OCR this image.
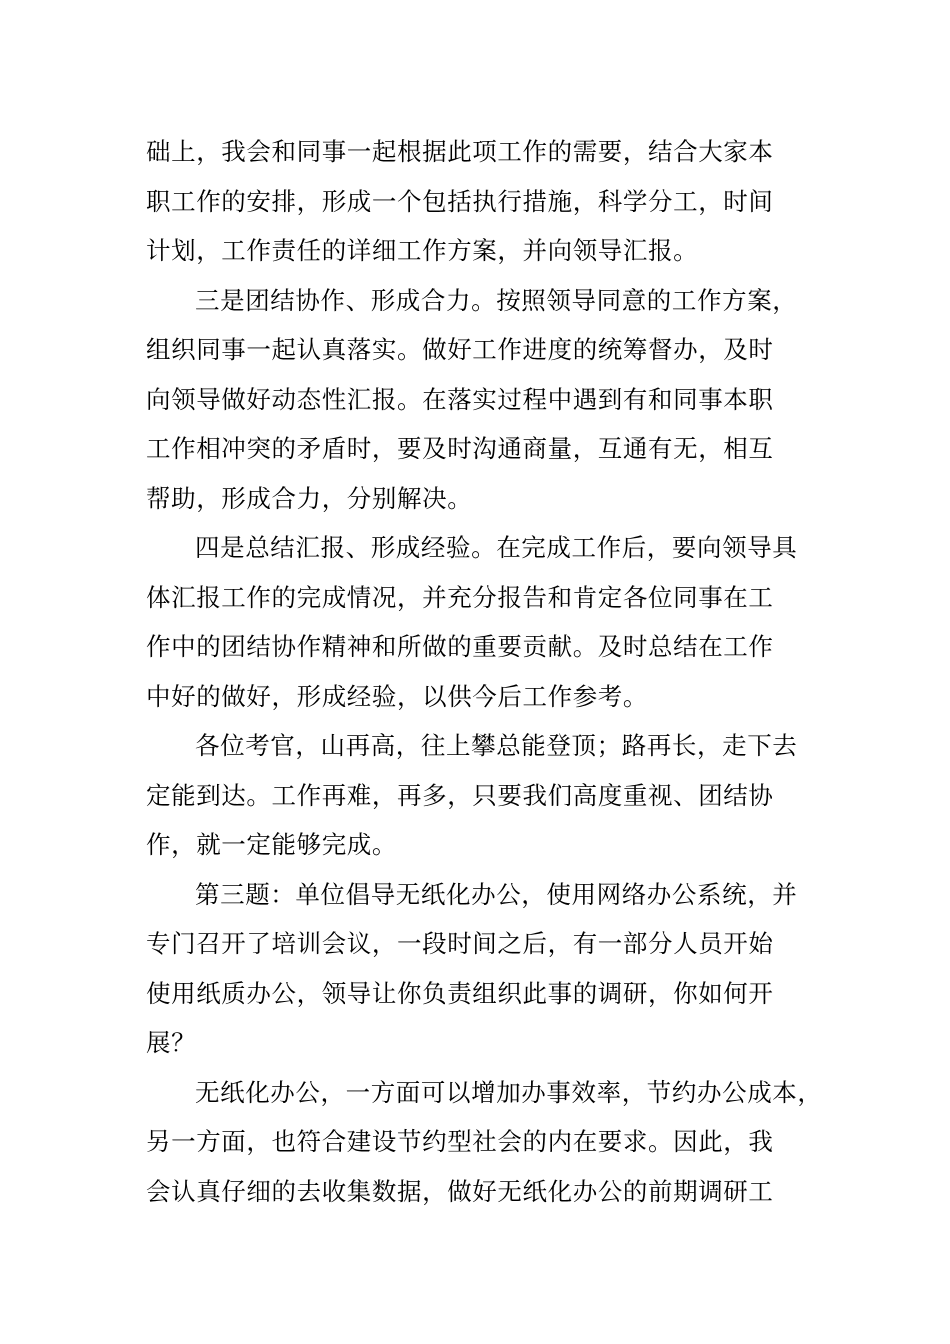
础上，我会和同事一起根据此项工作的需要，结合大家本
职工作的安排，形成一个包括执行措施，科学分工，时间
计划，工作责任的详细工作方案，并向领导汇报。
三是团结协作、形成合力。按照领导同意的工作方案，
组织同事一起认真落实。做好工作进度的统筹督办，及时
向领导做好动态性汇报。在落实过程中遇到有和同事本职
工作相冲突的矛盾时，要及时沟通商量，互通有无，相互
帮助，形成合力，分别解决。
四是总结汇报、形成经验。在完成工作后，要向领导具
体汇报工作的完成情况，并充分报告和肯定各位同事在工
作中的团结协作精神和所做的重要贡献。及时总结在工作
中好的做好，形成经验，以供今后工作参考。
各位考官，山再高，往上攀总能登顶；路再长，走下去
定能到达。工作再难，再多，只要我们高度重视、团结协
作，就一定能够完成。
第三题：单位倡导无纸化办公，使用网络办公系统，并
专门召开了培训会议，一段时间之后，有一部分人员开始
使用纸质办公，领导让你负责组织此事的调研，你如何开
展？
无纸化办公，一方面可以增加办事效率，节约办公成本，
另一方面，也符合建设节约型社会的内在要求。因此，我
会认真仔细的去收集数据，做好无纸化办公的前期调研工
